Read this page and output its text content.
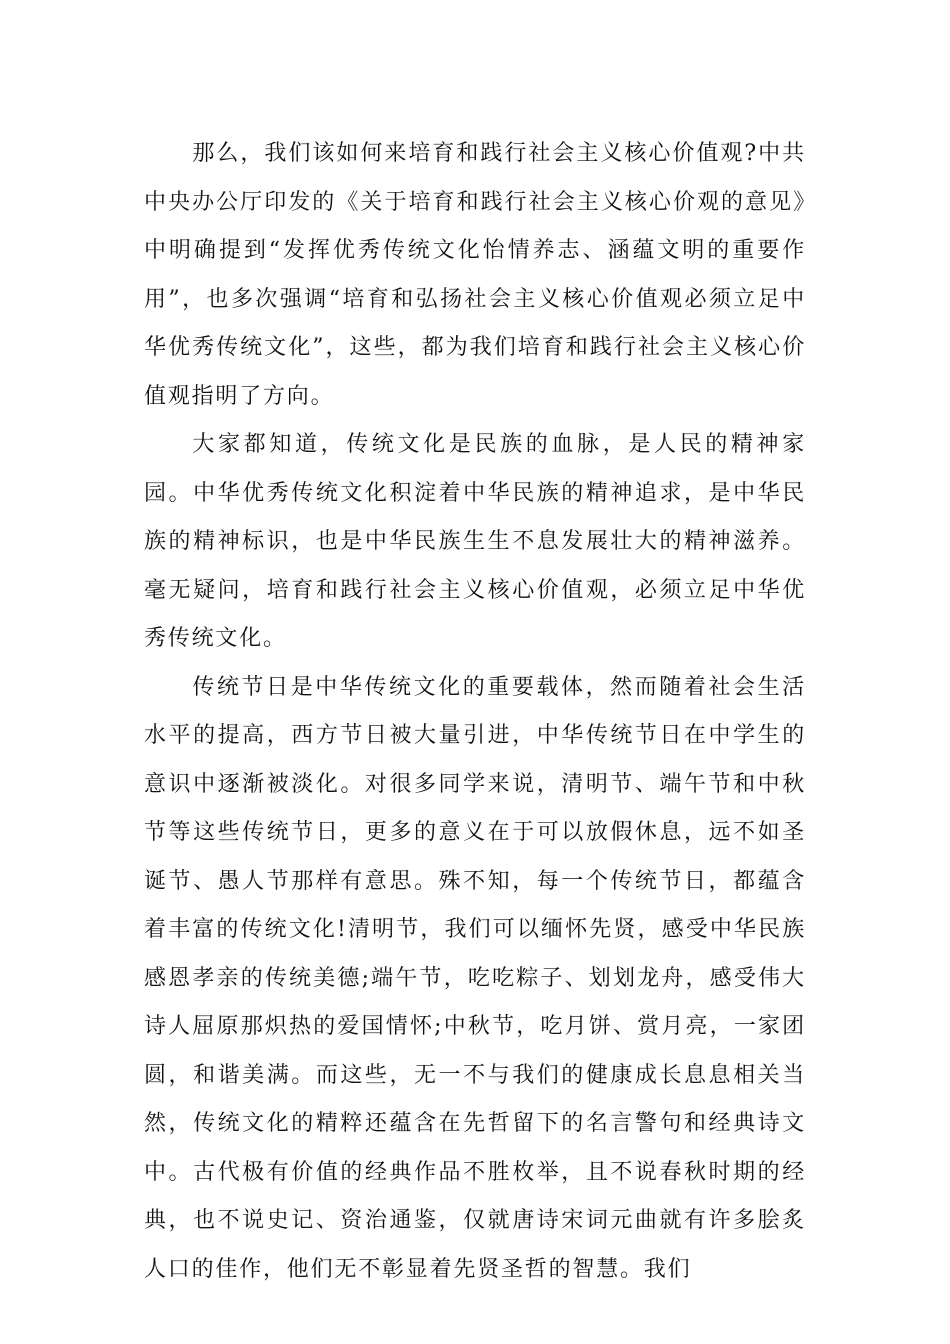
那么，我们该如何来培育和践行社会主义核心价值观?中共中央办公厅印发的《关于培育和践行社会主义核心价观的意见》中明确提到“发挥优秀传统文化怡情养志、涵蕴文明的重要作用”，也多次强调“培育和弘扬社会主义核心价值观必须立足中华优秀传统文化”，这些，都为我们培育和践行社会主义核心价值观指明了方向。

大家都知道，传统文化是民族的血脉，是人民的精神家园。中华优秀传统文化积淀着中华民族的精神追求，是中华民族的精神标识，也是中华民族生生不息发展壮大的精神滋养。毫无疑问，培育和践行社会主义核心价值观，必须立足中华优秀传统文化。

传统节日是中华传统文化的重要载体，然而随着社会生活水平的提高，西方节日被大量引进，中华传统节日在中学生的意识中逐渐被淡化。对很多同学来说，清明节、端午节和中秋节等这些传统节日，更多的意义在于可以放假休息，远不如圣诞节、愚人节那样有意思。殊不知，每一个传统节日，都蕴含着丰富的传统文化!清明节，我们可以缅怀先贤，感受中华民族感恩孝亲的传统美德;端午节，吃吃粽子、划划龙舟，感受伟大诗人屈原那炽热的爱国情怀;中秋节，吃月饼、赏月亮，一家团圆，和谐美满。而这些，无一不与我们的健康成长息息相关当然，传统文化的精粹还蕴含在先哲留下的名言警句和经典诗文中。古代极有价值的经典作品不胜枚举，且不说春秋时期的经典，也不说史记、资治通鉴，仅就唐诗宋词元曲就有许多脍炙人口的佳作，他们无不彰显着先贤圣哲的智慧。我们
